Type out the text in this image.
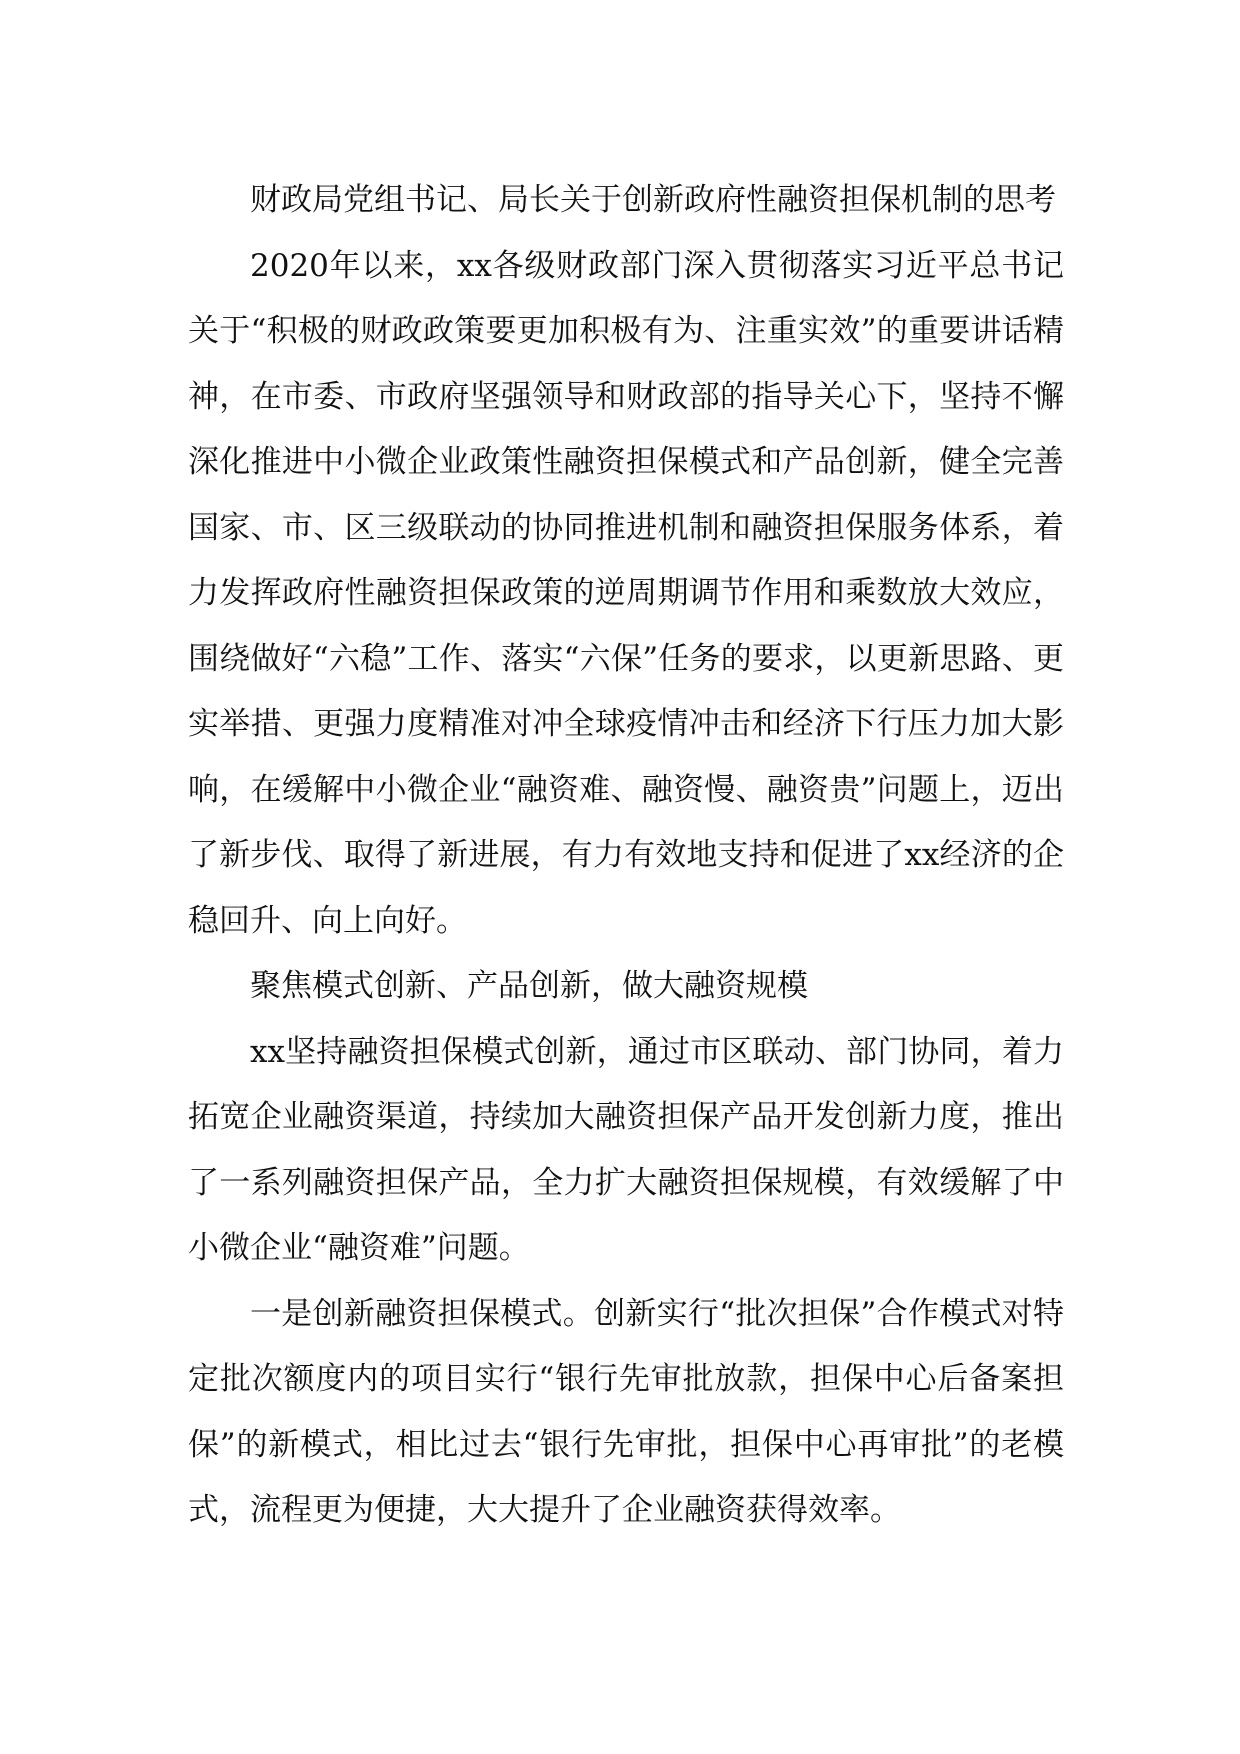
财政局党组书记、局长关于创新政府性融资担保机制的思考

2020年以来，xx各级财政部门深入贯彻落实习近平总书记关于“积极的财政政策要更加积极有为、注重实效”的重要讲话精神，在市委、市政府坚强领导和财政部的指导关心下，坚持不懈深化推进中小微企业政策性融资担保模式和产品创新，健全完善国家、市、区三级联动的协同推进机制和融资担保服务体系，着力发挥政府性融资担保政策的逆周期调节作用和乘数放大效应，围绕做好“六稳”工作、落实“六保”任务的要求，以更新思路、更实举措、更强力度精准对冲全球疫情冲击和经济下行压力加大影响，在缓解中小微企业“融资难、融资慢、融资贵”问题上，迈出了新步伐、取得了新进展，有力有效地支持和促进了xx经济的企稳回升、向上向好。

聚焦模式创新、产品创新，做大融资规模

xx坚持融资担保模式创新，通过市区联动、部门协同，着力拓宽企业融资渠道，持续加大融资担保产品开发创新力度，推出了一系列融资担保产品，全力扩大融资担保规模，有效缓解了中小微企业“融资难”问题。

一是创新融资担保模式。创新实行“批次担保”合作模式对特定批次额度内的项目实行“银行先审批放款，担保中心后备案担保”的新模式，相比过去“银行先审批，担保中心再审批”的老模式，流程更为便捷，大大提升了企业融资获得效率。
